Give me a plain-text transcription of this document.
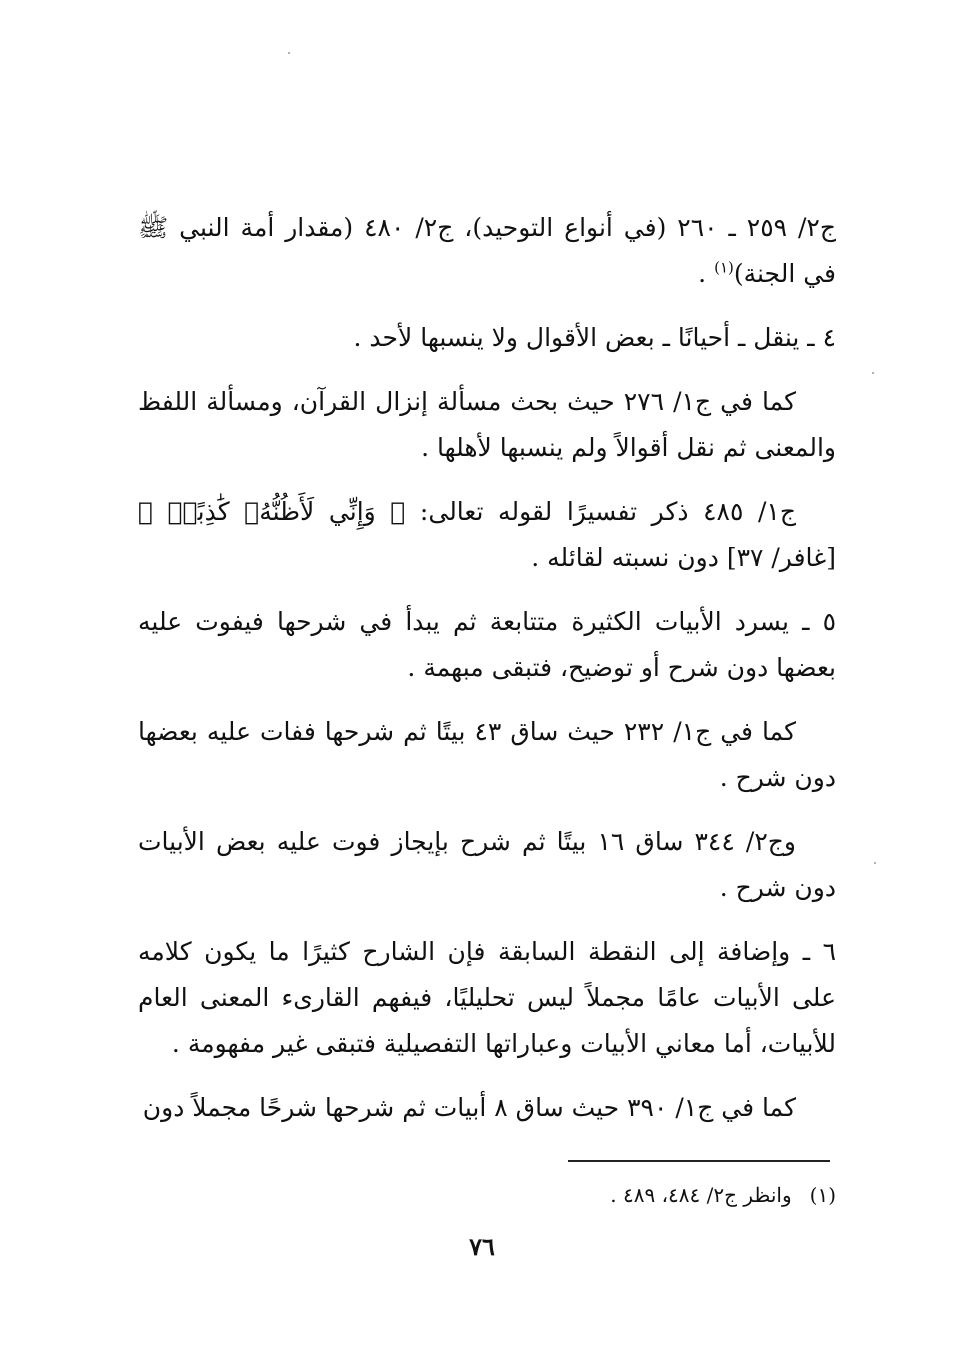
ج٢/ ٢٥٩ ـ ٢٦٠ (في أنواع التوحيد)، ج٢/ ٤٨٠ (مقدار أمة النبي ﷺ في الجنة)$^{(١)}$ .

٤ ـ ينقل ـ أحيانًا ـ بعض الأقوال ولا ينسبها لأحد .

كما في ج١/ ٢٧٦ حيث بحث مسألة إنزال القرآن، ومسألة اللفظ والمعنى ثم نقل أقوالاً ولم ينسبها لأهلها .

ج١/ ٤٨٥ ذكر تفسيرًا لقوله تعالى: ﴿ وَإِنِّي لَأَظُنُّهُۥ كَٰذِبًاۚ ﴾ [غافر/ ٣٧] دون نسبته لقائله .

٥ ـ يسرد الأبيات الكثيرة متتابعة ثم يبدأ في شرحها فيفوت عليه بعضها دون شرح أو توضيح، فتبقى مبهمة .

كما في ج١/ ٢٣٢ حيث ساق ٤٣ بيتًا ثم شرحها ففات عليه بعضها دون شرح .

وج٢/ ٣٤٤ ساق ١٦ بيتًا ثم شرح بإيجاز فوت عليه بعض الأبيات دون شرح .

٦ ـ وإضافة إلى النقطة السابقة فإن الشارح كثيرًا ما يكون كلامه على الأبيات عامًا مجملاً ليس تحليليًا، فيفهم القارىء المعنى العام للأبيات، أما معاني الأبيات وعباراتها التفصيلية فتبقى غير مفهومة .

كما في ج١/ ٣٩٠ حيث ساق ٨ أبيات ثم شرحها شرحًا مجملاً دون

(١)وانظر ج٢/ ٤٨٤، ٤٨٩ .
٧٦
